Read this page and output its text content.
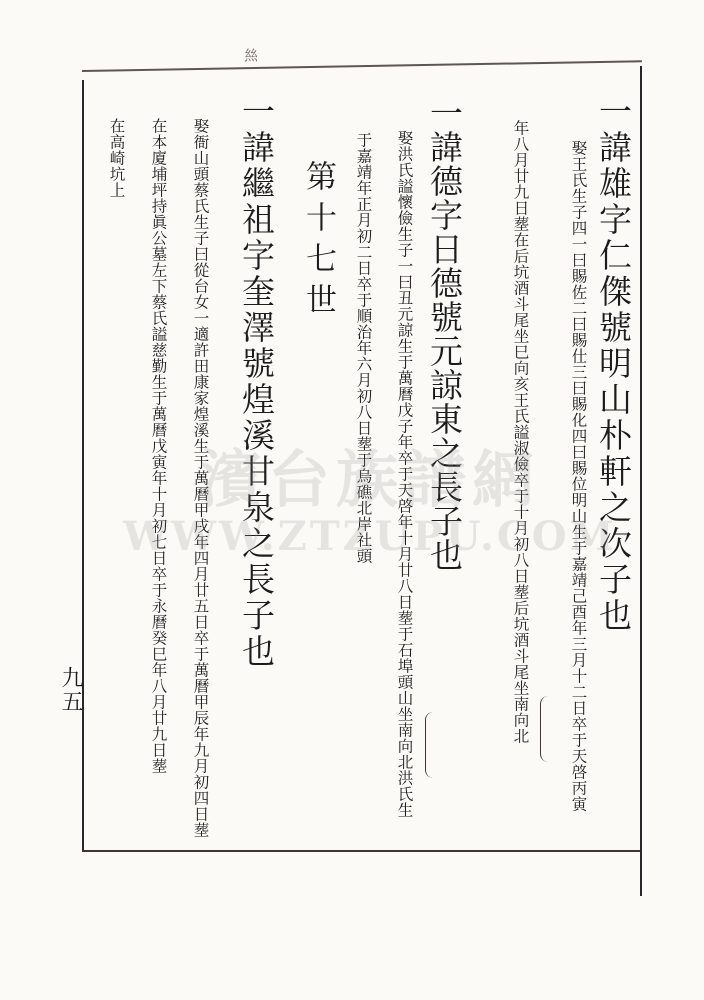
𢇁
一諱雄字仁傑號明山朴軒之次子也
娶王氏生子四一曰賜佐二曰賜仕三曰賜化四曰賜位明山生于嘉靖己酉年三月十二日卒于天啓丙寅
年八月廿九日塟在后坑酒斗尾坐巳向亥王氏謚淑儉卒于十月初八日塟后坑酒斗尾坐南向北
一諱德字日德號元諒東之長子也
娶洪氏謚懷儉生子一曰丑元諒生于萬曆戊子年卒于天啓年十月廿八日塟于石埠頭山坐南向北洪氏生
于嘉靖年正月初二日卒于順治年六月初八日塟于烏礁北岸社頭
第十七世
一諱繼祖字奎澤號煌溪甘泉之長子也
娶衙山頭蔡氏生子曰從台女一適許田康家煌溪生于萬曆甲戌年四月廿五日卒于萬曆甲辰年九月初四日塟
在本廈埔坪持眞公墓左下蔡氏謚慈勤生于萬曆戊寅年十月初七日卒于永曆癸巳年八月廿九日塟
在高崎坑上
九五
濱台族譜網
WWW.ZTZUPU.COM
